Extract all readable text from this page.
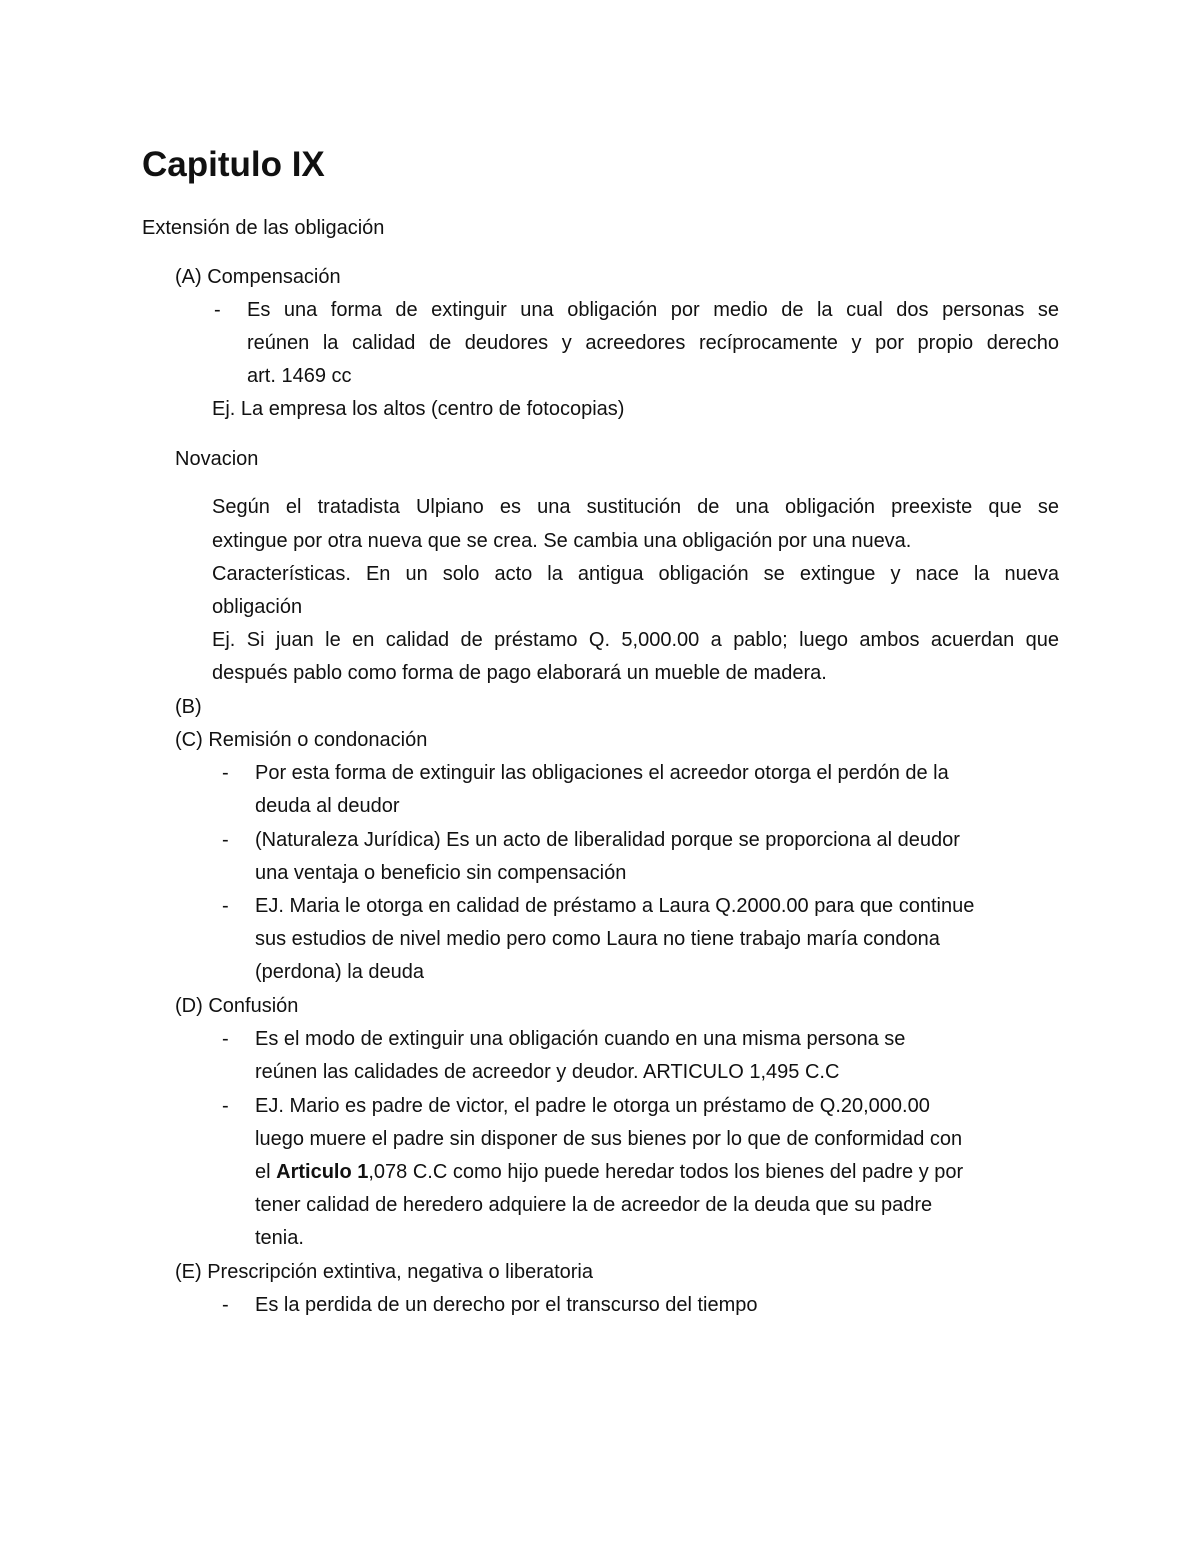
Capitulo IX

Extensión de las obligación

(A) Compensación

- Es una forma de extinguir una obligación por medio de la cual dos personas se

reúnen la calidad de deudores y acreedores recíprocamente y por propio derecho

art. 1469 cc

Ej. La empresa los altos (centro de fotocopias)

Novacion

Según el tratadista Ulpiano es una sustitución de una obligación preexiste que se

extingue por otra nueva que se crea. Se cambia una obligación por una nueva.

Características. En un solo acto la antigua obligación se extingue y nace la nueva

obligación

Ej. Si juan le en calidad de préstamo Q. 5,000.00 a pablo; luego ambos acuerdan que

después pablo como forma de pago elaborará un mueble de madera.

(B)

(C) Remisión o condonación

- Por esta forma de extinguir las obligaciones el acreedor otorga el perdón de la

deuda al deudor

- (Naturaleza Jurídica) Es un acto de liberalidad porque se proporciona al deudor

una ventaja o beneficio sin compensación

- EJ. Maria le otorga en calidad de préstamo a Laura Q.2000.00 para que continue

sus estudios de nivel medio pero como Laura no tiene trabajo maría condona

(perdona) la deuda

(D) Confusión

- Es el modo de extinguir una obligación cuando en una misma persona se

reúnen las calidades de acreedor y deudor. ARTICULO 1,495 C.C

- EJ. Mario es padre de victor, el padre le otorga un préstamo de Q.20,000.00

luego muere el padre sin disponer de sus bienes por lo que de conformidad con

el Articulo 1,078 C.C como hijo puede heredar todos los bienes del padre y por

tener calidad de heredero adquiere la de acreedor de la deuda que su padre

tenia.

(E) Prescripción extintiva, negativa o liberatoria

- Es la perdida de un derecho por el transcurso del tiempo
